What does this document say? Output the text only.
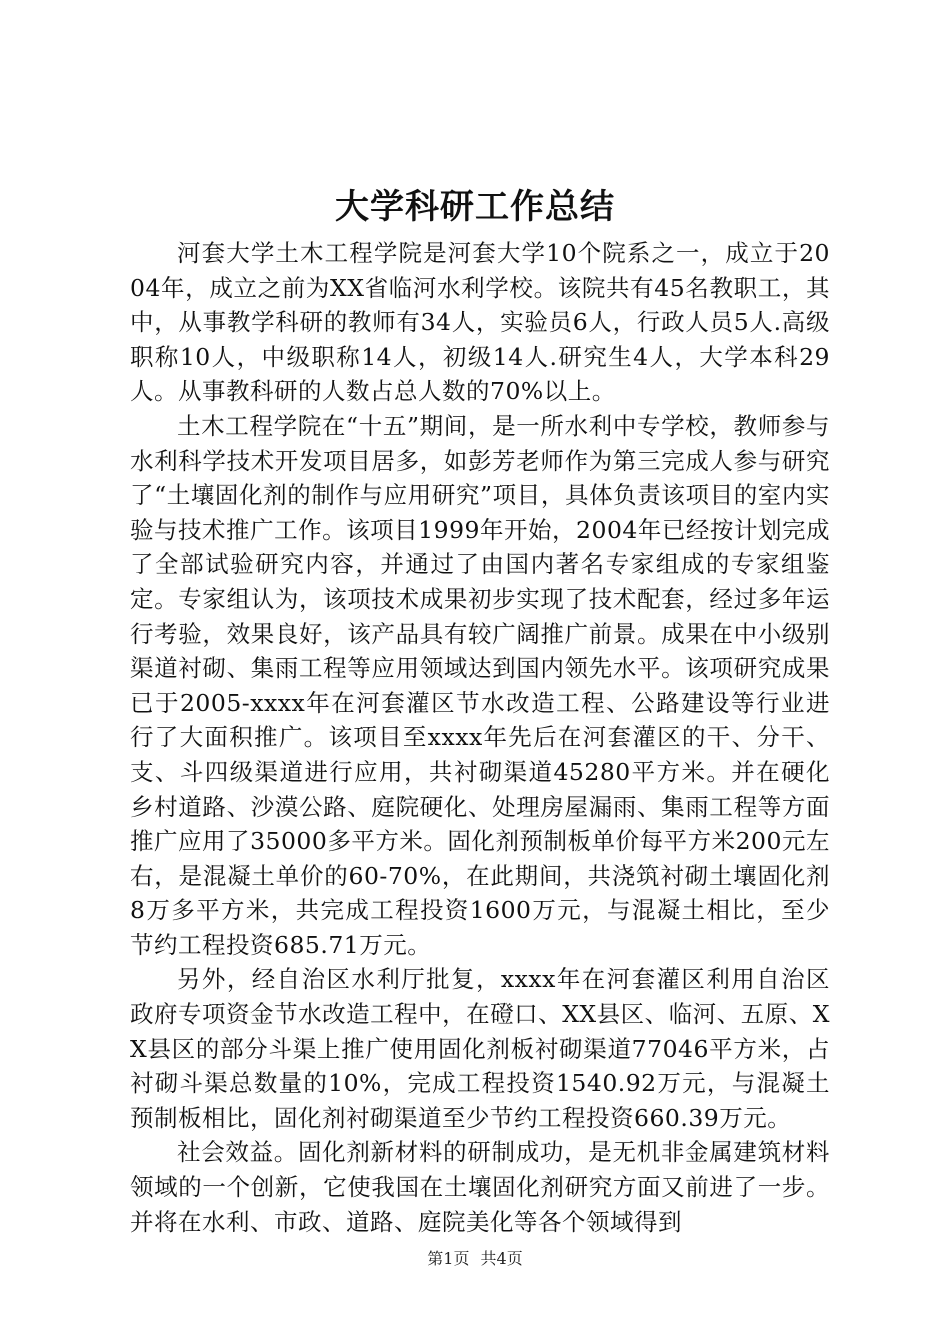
大学科研工作总结

河套大学土木工程学院是河套大学10个院系之一，成立于2004年，成立之前为XX省临河水利学校。该院共有45名教职工，其中，从事教学科研的教师有34人，实验员6人，行政人员5人.高级职称10人，中级职称14人，初级14人.研究生4人，大学本科29人。从事教科研的人数占总人数的70%以上。

土木工程学院在“十五”期间，是一所水利中专学校，教师参与水利科学技术开发项目居多，如彭芳老师作为第三完成人参与研究了“土壤固化剂的制作与应用研究”项目，具体负责该项目的室内实验与技术推广工作。该项目1999年开始，2004年已经按计划完成了全部试验研究内容，并通过了由国内著名专家组成的专家组鉴定。专家组认为，该项技术成果初步实现了技术配套，经过多年运行考验，效果良好，该产品具有较广阔推广前景。成果在中小级别渠道衬砌、集雨工程等应用领域达到国内领先水平。该项研究成果已于2005-xxxx年在河套灌区节水改造工程、公路建设等行业进行了大面积推广。该项目至xxxx年先后在河套灌区的干、分干、支、斗四级渠道进行应用，共衬砌渠道45280平方米。并在硬化乡村道路、沙漠公路、庭院硬化、处理房屋漏雨、集雨工程等方面推广应用了35000多平方米。固化剂预制板单价每平方米200元左右，是混凝土单价的60-70%，在此期间，共浇筑衬砌土壤固化剂8万多平方米，共完成工程投资1600万元，与混凝土相比，至少节约工程投资685.71万元。

另外，经自治区水利厅批复，xxxx年在河套灌区利用自治区政府专项资金节水改造工程中，在磴口、XX县区、临河、五原、XX县区的部分斗渠上推广使用固化剂板衬砌渠道77046平方米，占衬砌斗渠总数量的10%，完成工程投资1540.92万元，与混凝土预制板相比，固化剂衬砌渠道至少节约工程投资660.39万元。

社会效益。固化剂新材料的研制成功，是无机非金属建筑材料领域的一个创新，它使我国在土壤固化剂研究方面又前进了一步。并将在水利、市政、道路、庭院美化等各个领域得到

第1页 共4页
